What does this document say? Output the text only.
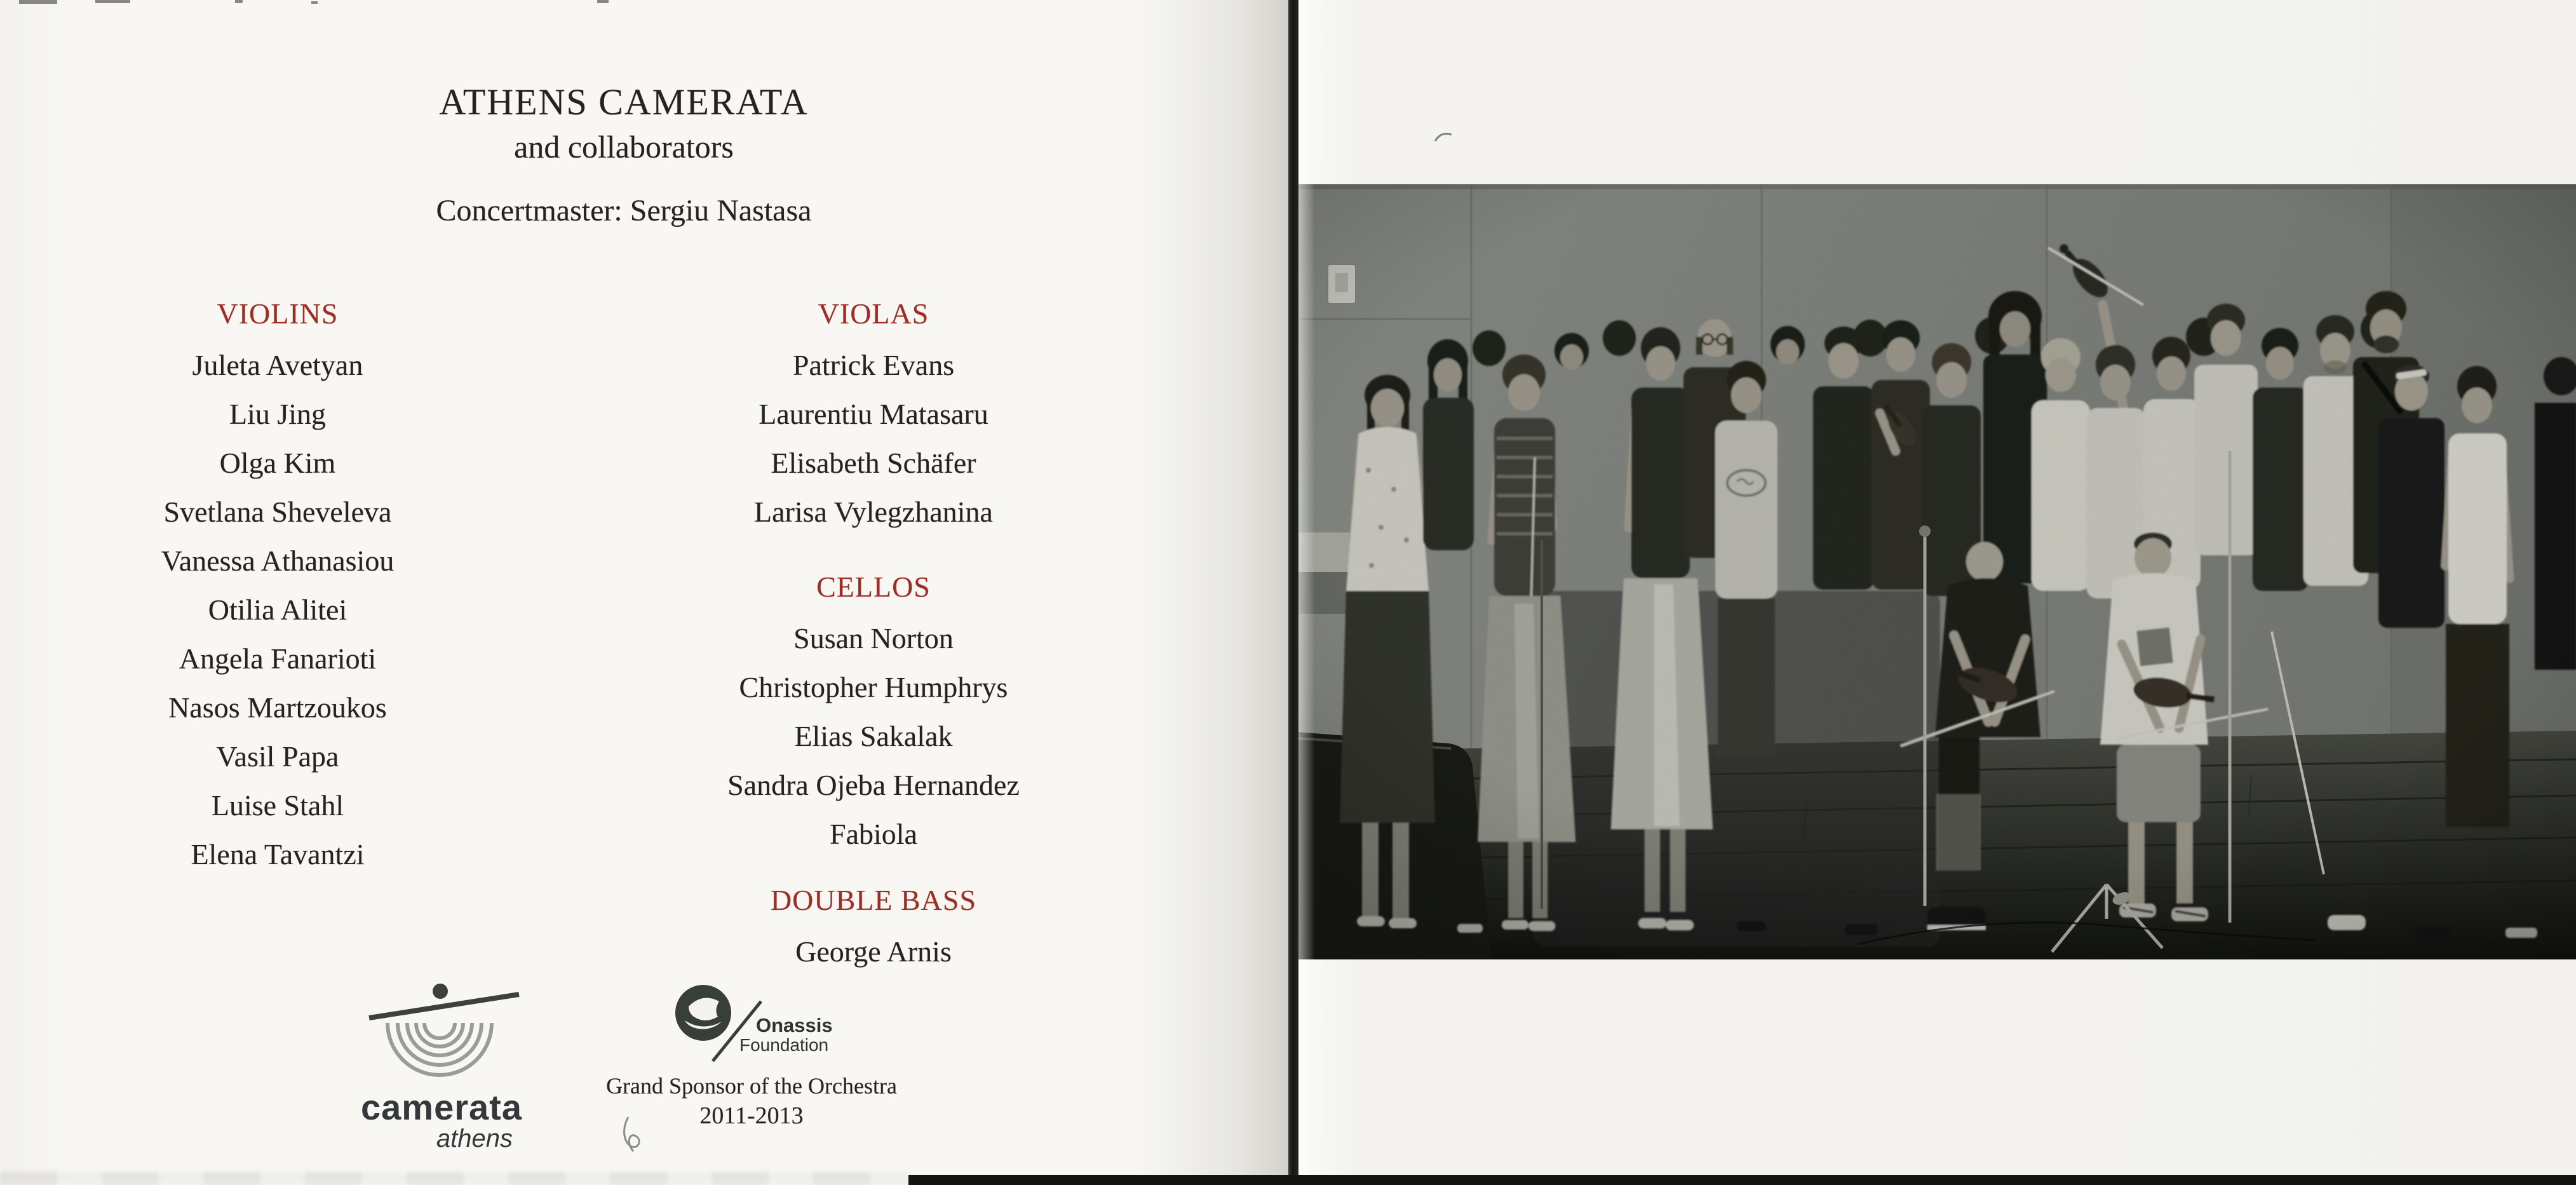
ATHENS CAMERATA
and collaborators
Concertmaster: Sergiu Nastasa
VIOLINS
Juleta Avetyan
Liu Jing
Olga Kim
Svetlana Sheveleva
Vanessa Athanasiou
Otilia Alitei
Angela Fanarioti
Nasos Martzoukos
Vasil Papa
Luise Stahl
Elena Tavantzi
VIOLAS
Patrick Evans
Laurentiu Matasaru
Elisabeth Schäfer
Larisa Vylegzhanina
CELLOS
Susan Norton
Christopher Humphrys
Elias Sakalak
Sandra Ojeba Hernandez Fabiola
DOUBLE BASS
George Arnis
camerata
athens
Onassis
Foundation
Grand Sponsor of the Orchestra
2011-2013
